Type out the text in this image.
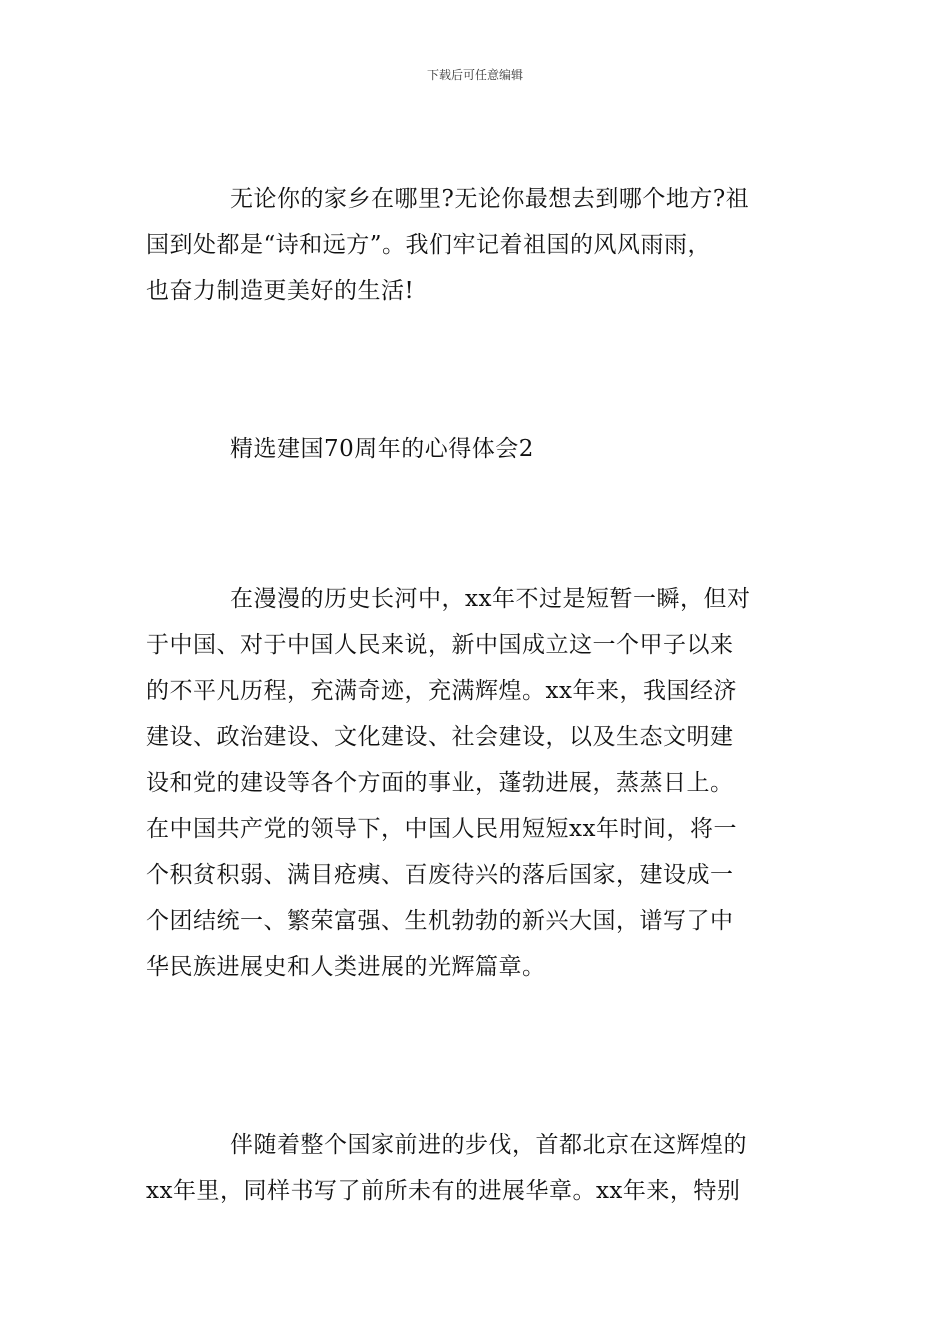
下载后可任意编辑
无论你的家乡在哪里?无论你最想去到哪个地方?祖
国到处都是“诗和远方”。我们牢记着祖国的风风雨雨，
也奋力制造更美好的生活!
精选建国70周年的心得体会2
在漫漫的历史长河中，xx年不过是短暂一瞬，但对
于中国、对于中国人民来说，新中国成立这一个甲子以来
的不平凡历程，充满奇迹，充满辉煌。xx年来，我国经济
建设、政治建设、文化建设、社会建设，以及生态文明建
设和党的建设等各个方面的事业，蓬勃进展，蒸蒸日上。
在中国共产党的领导下，中国人民用短短xx年时间，将一
个积贫积弱、满目疮痍、百废待兴的落后国家，建设成一
个团结统一、繁荣富强、生机勃勃的新兴大国，谱写了中
华民族进展史和人类进展的光辉篇章。
伴随着整个国家前进的步伐，首都北京在这辉煌的
xx年里，同样书写了前所未有的进展华章。xx年来，特别
